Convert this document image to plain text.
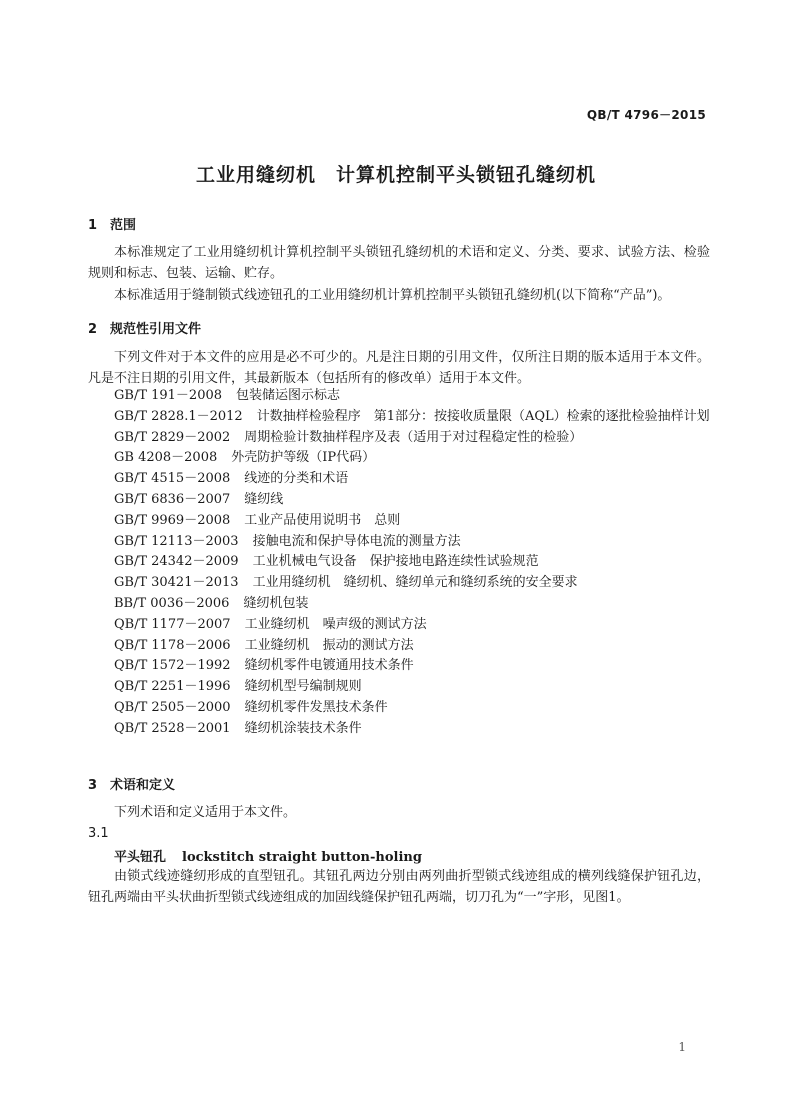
QB/T 4796－2015
工业用缝纫机　计算机控制平头锁钮孔缝纫机
1　范围

本标准规定了工业用缝纫机计算机控制平头锁钮孔缝纫机的术语和定义、分类、要求、试验方法、检验规则和标志、包装、运输、贮存。

本标准适用于缝制锁式线迹钮孔的工业用缝纫机计算机控制平头锁钮孔缝纫机(以下简称“产品”)。

2　规范性引用文件

下列文件对于本文件的应用是必不可少的。凡是注日期的引用文件，仅所注日期的版本适用于本文件。凡是不注日期的引用文件，其最新版本（包括所有的修改单）适用于本文件。

GB/T 191－2008 包装储运图示标志
GB/T 2828.1－2012 计数抽样检验程序　第1部分：按接收质量限（AQL）检索的逐批检验抽样计划
GB/T 2829－2002 周期检验计数抽样程序及表（适用于对过程稳定性的检验）
GB 4208－2008 外壳防护等级（IP代码）
GB/T 4515－2008 线迹的分类和术语
GB/T 6836－2007 缝纫线
GB/T 9969－2008 工业产品使用说明书　总则
GB/T 12113－2003 接触电流和保护导体电流的测量方法
GB/T 24342－2009 工业机械电气设备　保护接地电路连续性试验规范
GB/T 30421－2013 工业用缝纫机　缝纫机、缝纫单元和缝纫系统的安全要求
BB/T 0036－2006 缝纫机包装
QB/T 1177－2007 工业缝纫机　噪声级的测试方法
QB/T 1178－2006 工业缝纫机　振动的测试方法
QB/T 1572－1992 缝纫机零件电镀通用技术条件
QB/T 2251－1996 缝纫机型号编制规则
QB/T 2505－2000 缝纫机零件发黑技术条件
QB/T 2528－2001 缝纫机涂装技术条件
3　术语和定义

下列术语和定义适用于本文件。

3.1
平头钮孔 lockstitch straight button-holing

由锁式线迹缝纫形成的直型钮孔。其钮孔两边分别由两列曲折型锁式线迹组成的横列线缝保护钮孔边，钮孔两端由平头状曲折型锁式线迹组成的加固线缝保护钮孔两端，切刀孔为“一”字形，见图1。

1
